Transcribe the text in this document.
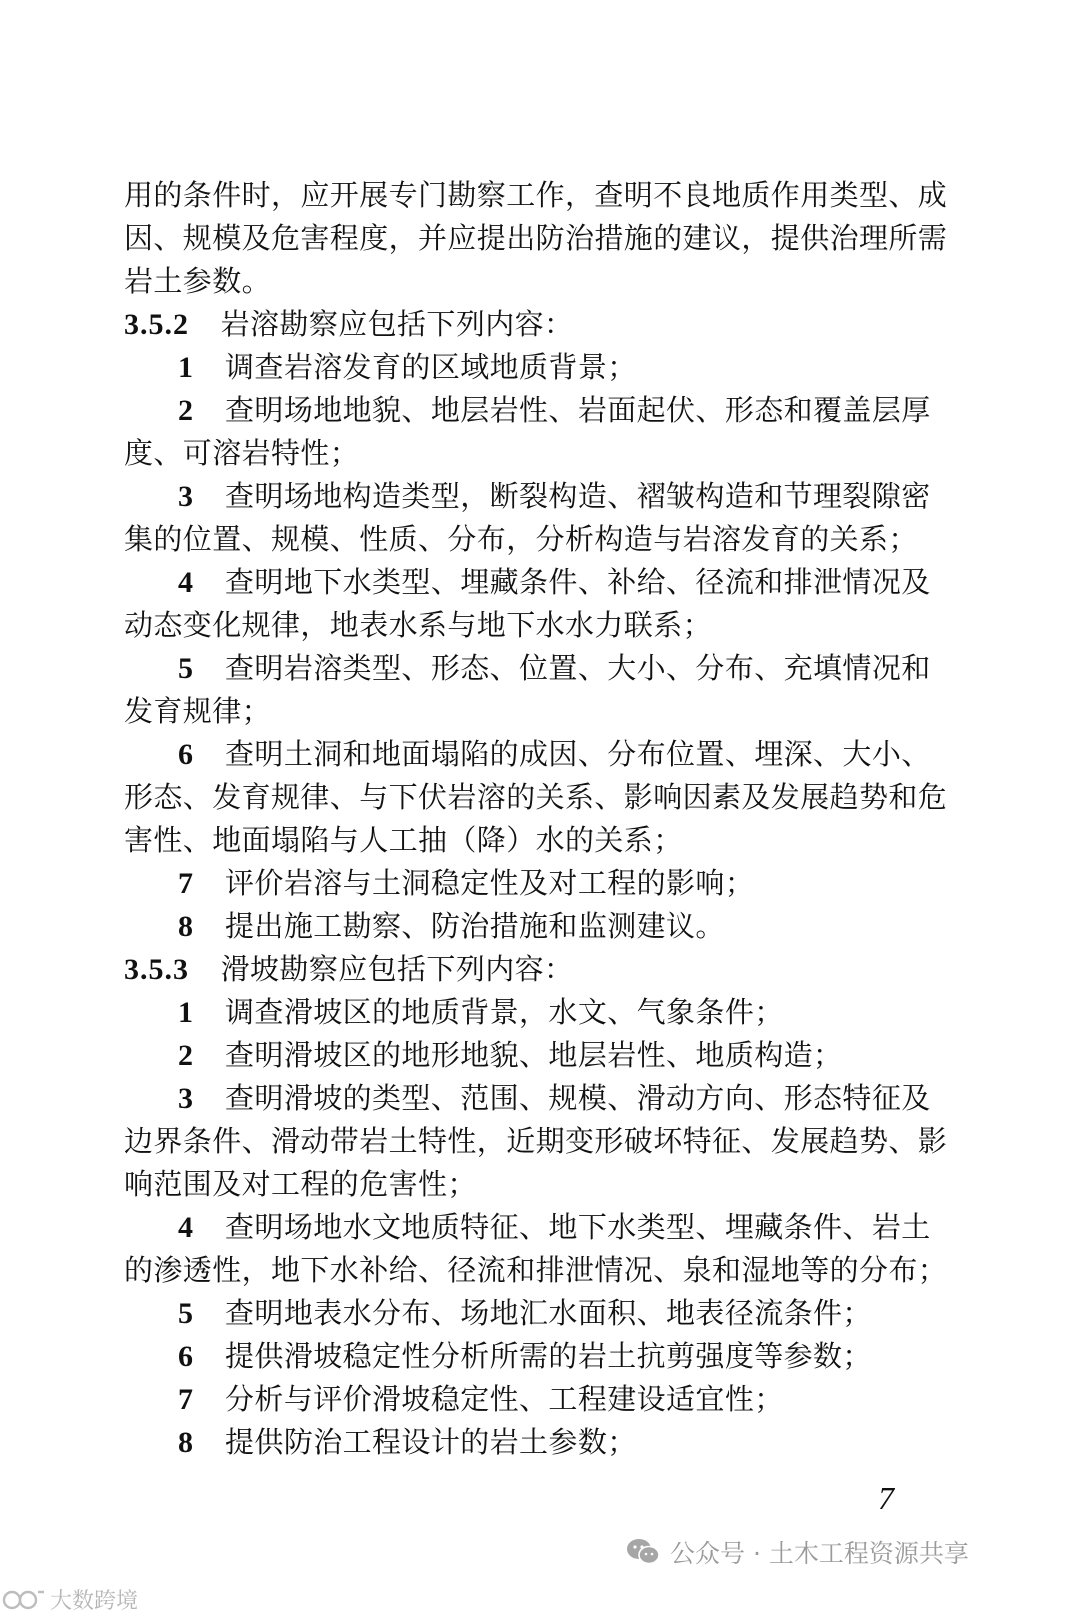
用的条件时，应开展专门勘察工作，查明不良地质作用类型、成
因、规模及危害程度，并应提出防治措施的建议，提供治理所需
岩土参数。
3.5.2 岩溶勘察应包括下列内容：
1 调查岩溶发育的区域地质背景；
2 查明场地地貌、地层岩性、岩面起伏、形态和覆盖层厚
度、可溶岩特性；
3 查明场地构造类型，断裂构造、褶皱构造和节理裂隙密
集的位置、规模、性质、分布，分析构造与岩溶发育的关系；
4 查明地下水类型、埋藏条件、补给、径流和排泄情况及
动态变化规律，地表水系与地下水水力联系；
5 查明岩溶类型、形态、位置、大小、分布、充填情况和
发育规律；
6 查明土洞和地面塌陷的成因、分布位置、埋深、大小、
形态、发育规律、与下伏岩溶的关系、影响因素及发展趋势和危
害性、地面塌陷与人工抽（降）水的关系；
7 评价岩溶与土洞稳定性及对工程的影响；
8 提出施工勘察、防治措施和监测建议。
3.5.3 滑坡勘察应包括下列内容：
1 调查滑坡区的地质背景，水文、气象条件；
2 查明滑坡区的地形地貌、地层岩性、地质构造；
3 查明滑坡的类型、范围、规模、滑动方向、形态特征及
边界条件、滑动带岩土特性，近期变形破坏特征、发展趋势、影
响范围及对工程的危害性；
4 查明场地水文地质特征、地下水类型、埋藏条件、岩土
的渗透性，地下水补给、径流和排泄情况、泉和湿地等的分布；
5 查明地表水分布、场地汇水面积、地表径流条件；
6 提供滑坡稳定性分析所需的岩土抗剪强度等参数；
7 分析与评价滑坡稳定性、工程建设适宜性；
8 提供防治工程设计的岩土参数；
7
公众号 · 土木工程资源共享
大数跨境
